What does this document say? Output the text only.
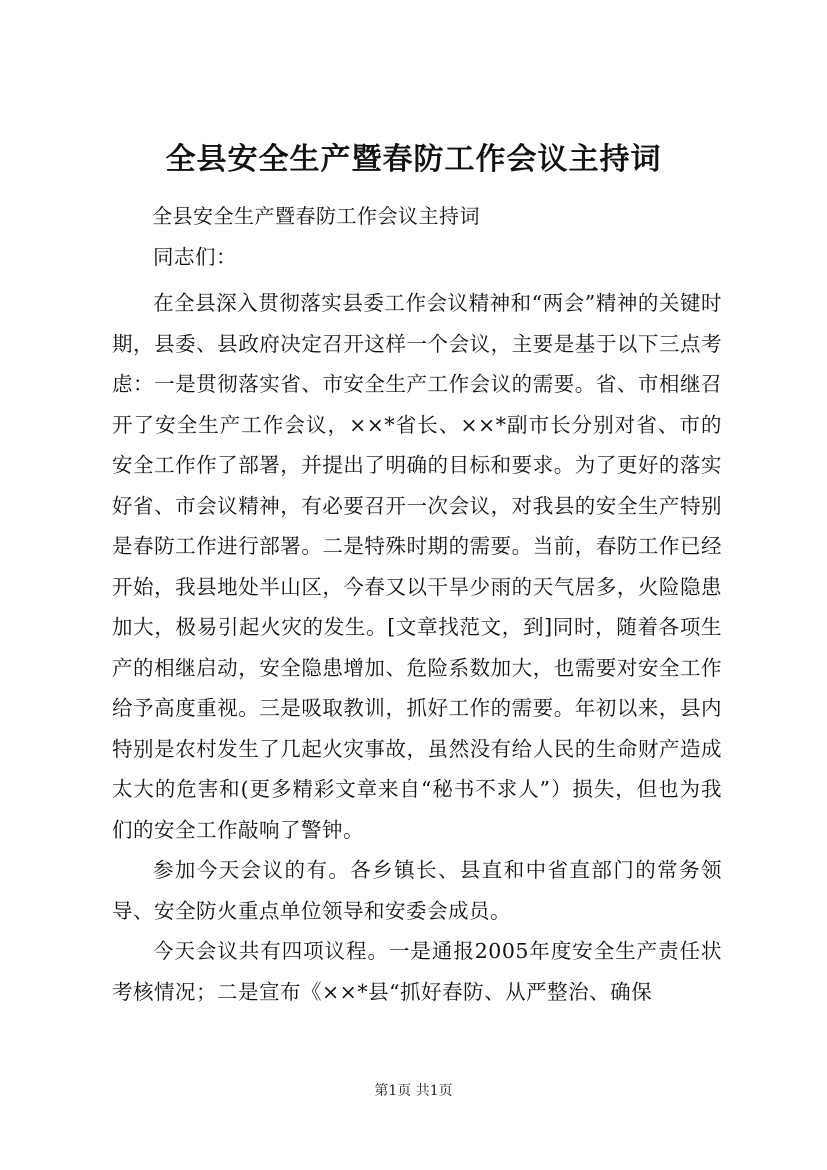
全县安全生产暨春防工作会议主持词

全县安全生产暨春防工作会议主持词

同志们：

在全县深入贯彻落实县委工作会议精神和“两会”精神的关键时期，县委、县政府决定召开这样一个会议，主要是基于以下三点考虑：一是贯彻落实省、市安全生产工作会议的需要。省、市相继召开了安全生产工作会议，××*省长、××*副市长分别对省、市的安全工作作了部署，并提出了明确的目标和要求。为了更好的落实好省、市会议精神，有必要召开一次会议，对我县的安全生产特别是春防工作进行部署。二是特殊时期的需要。当前，春防工作已经开始，我县地处半山区，今春又以干旱少雨的天气居多，火险隐患加大，极易引起火灾的发生。[文章找范文，到]同时，随着各项生产的相继启动，安全隐患增加、危险系数加大，也需要对安全工作给予高度重视。三是吸取教训，抓好工作的需要。年初以来，县内特别是农村发生了几起火灾事故，虽然没有给人民的生命财产造成太大的危害和(更多精彩文章来自“秘书不求人”）损失，但也为我们的安全工作敲响了警钟。

参加今天会议的有。各乡镇长、县直和中省直部门的常务领导、安全防火重点单位领导和安委会成员。

今天会议共有四项议程。一是通报2005年度安全生产责任状考核情况；二是宣布《××*县“抓好春防、从严整治、确保

第1页 共1页
